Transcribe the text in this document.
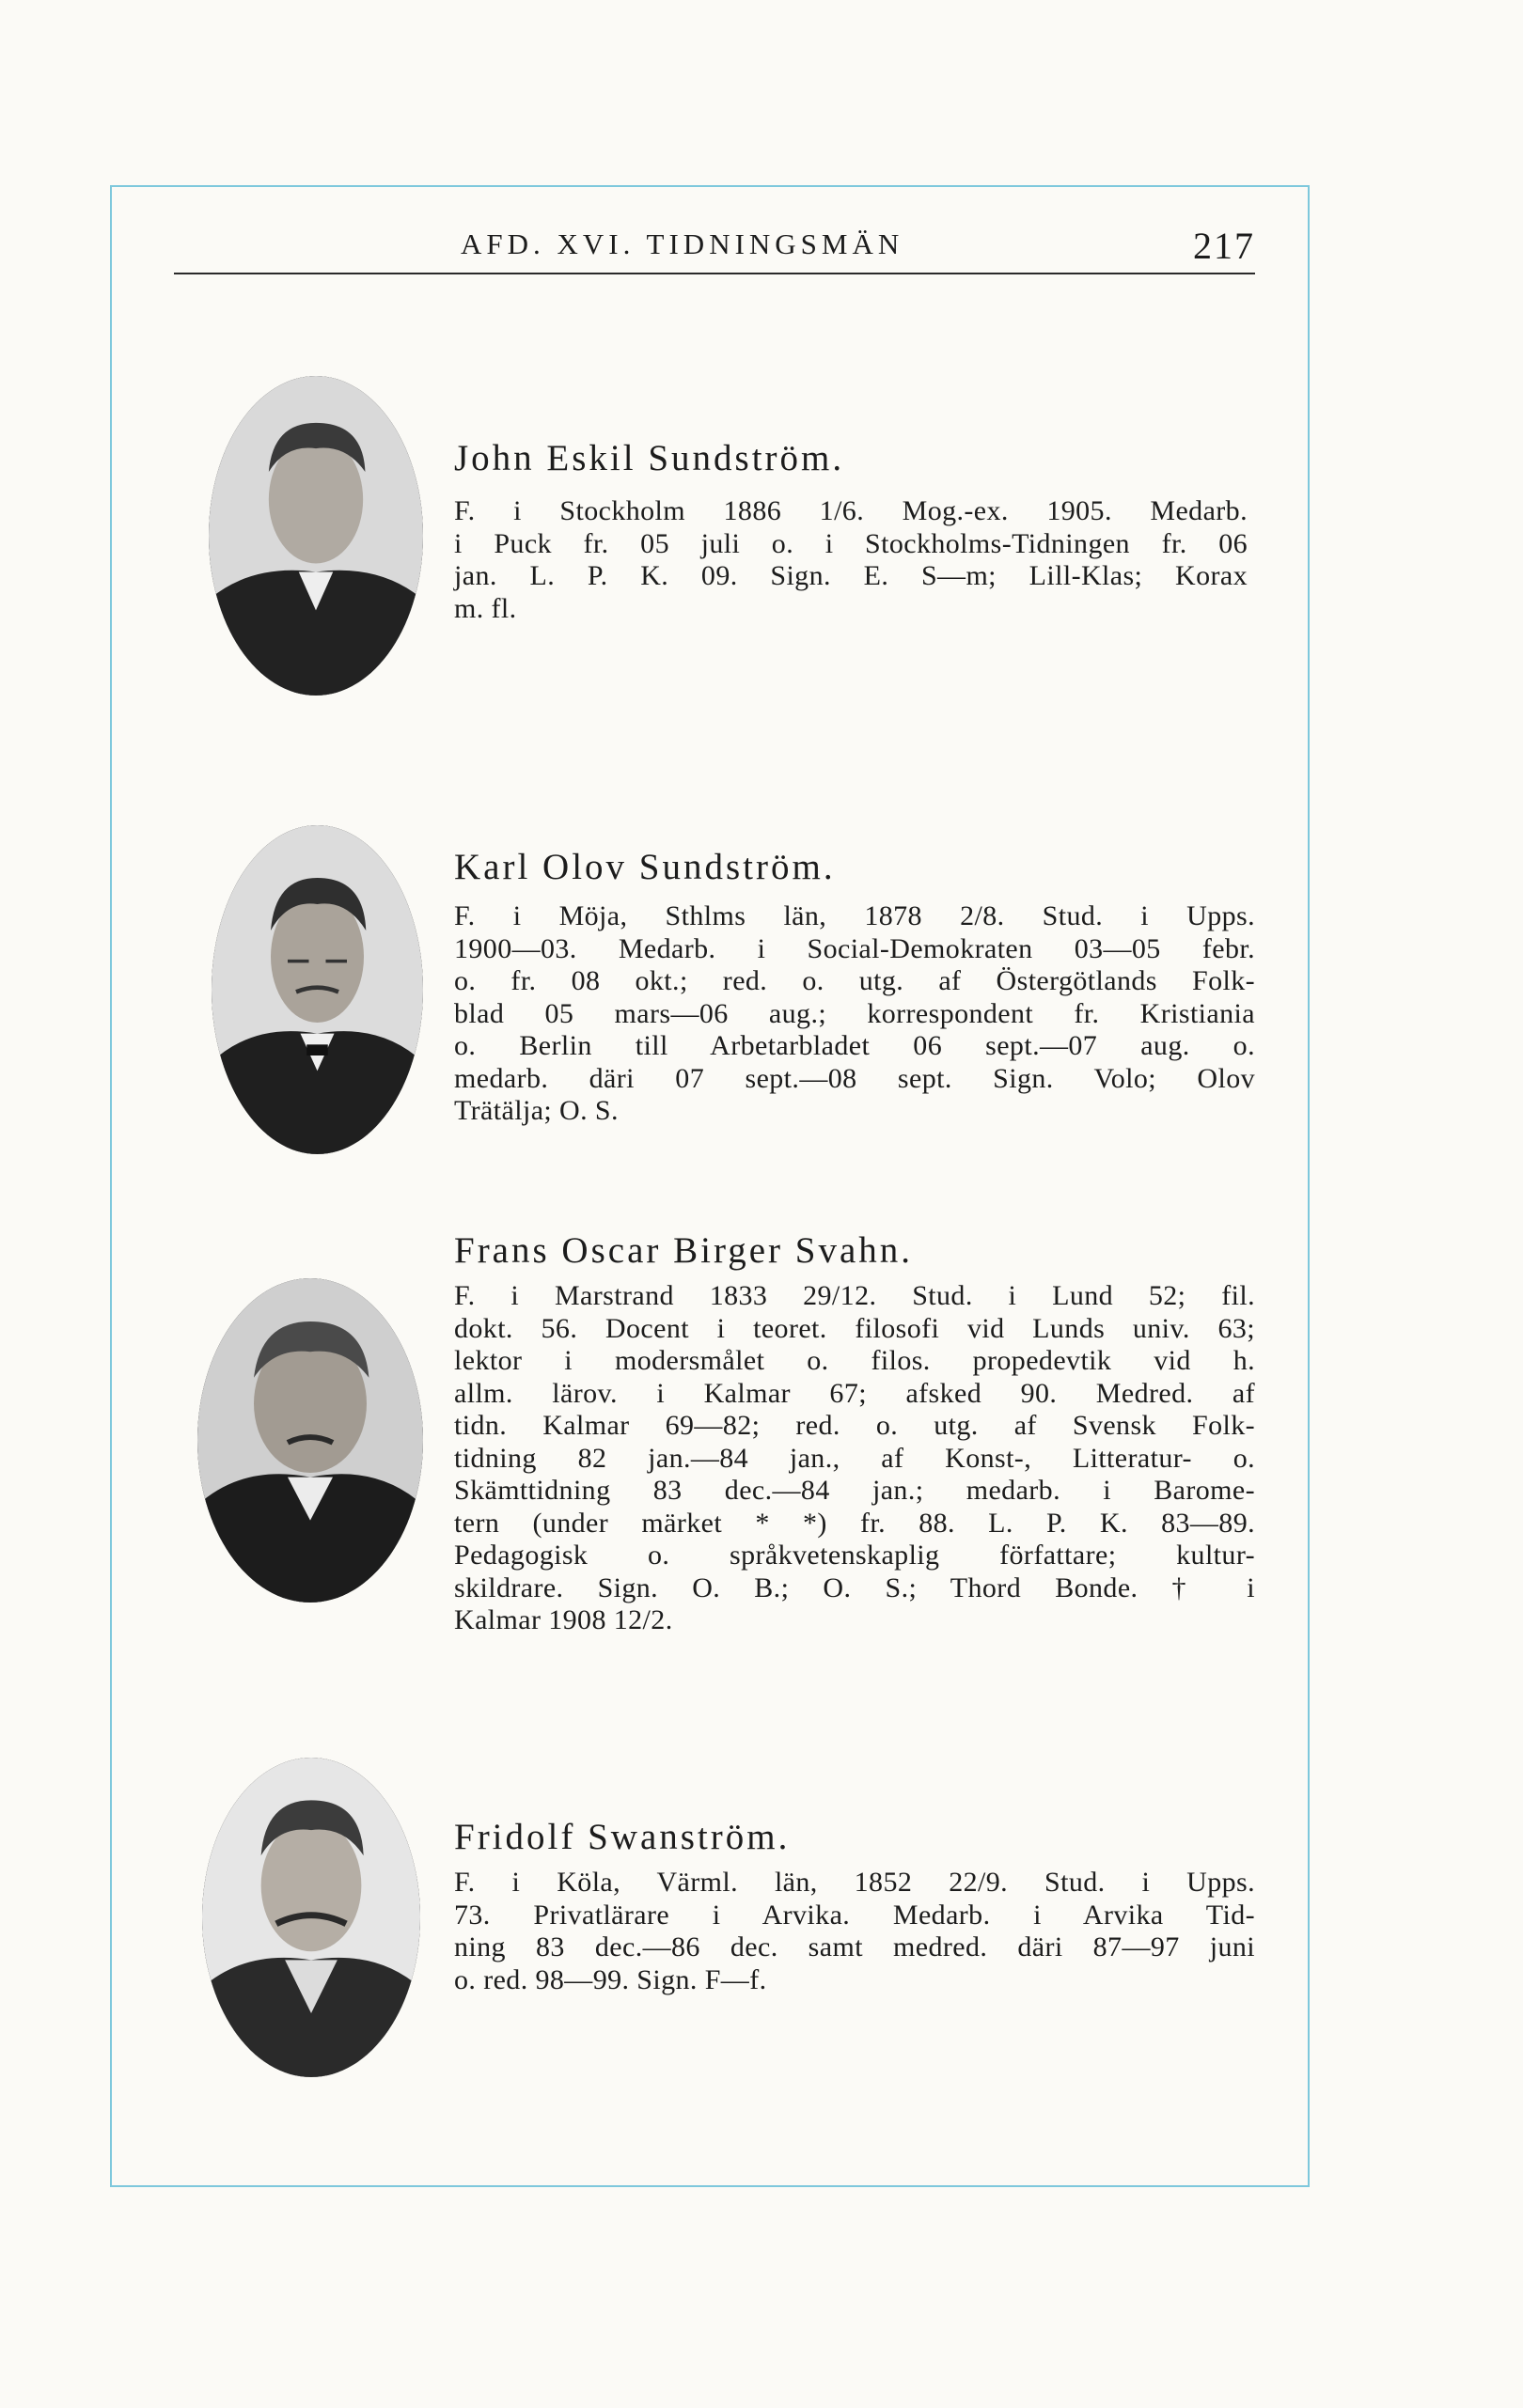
AFD. XVI. TIDNINGSMÄN	217
John Eskil Sundström.
F. i Stockholm 1886 1/6. Mog.-ex. 1905. Medarb.
i Puck fr. 05 juli o. i Stockholms-Tidningen fr. 06
jan. L. P. K. 09. Sign. E. S—m; Lill-Klas; Korax
m. fl.
Karl Olov Sundström.
F. i Möja, Sthlms län, 1878 2/8. Stud. i Upps.
1900—03. Medarb. i Social-Demokraten 03—05 febr.
o. fr. 08 okt.; red. o. utg. af Östergötlands Folk-
blad 05 mars—06 aug.; korrespondent fr. Kristiania
o. Berlin till Arbetarbladet 06 sept.—07 aug. o.
medarb. däri 07 sept.—08 sept. Sign. Volo; Olov
Trätälja; O. S.
Frans Oscar Birger Svahn.
F. i Marstrand 1833 29/12. Stud. i Lund 52; fil.
dokt. 56. Docent i teoret. filosofi vid Lunds univ. 63;
lektor i modersmålet o. filos. propedevtik vid h.
allm. lärov. i Kalmar 67; afsked 90. Medred. af
tidn. Kalmar 69—82; red. o. utg. af Svensk Folk-
tidning 82 jan.—84 jan., af Konst-, Litteratur- o.
Skämttidning 83 dec.—84 jan.; medarb. i Barome-
tern (under märket * *) fr. 88. L. P. K. 83—89.
Pedagogisk o. språkvetenskaplig författare; kultur-
skildrare. Sign. O. B.; O. S.; Thord Bonde. † i
Kalmar 1908 12/2.
Fridolf Swanström.
F. i Köla, Värml. län, 1852 22/9. Stud. i Upps.
73. Privatlärare i Arvika. Medarb. i Arvika Tid-
ning 83 dec.—86 dec. samt medred. däri 87—97 juni
o. red. 98—99. Sign. F—f.
